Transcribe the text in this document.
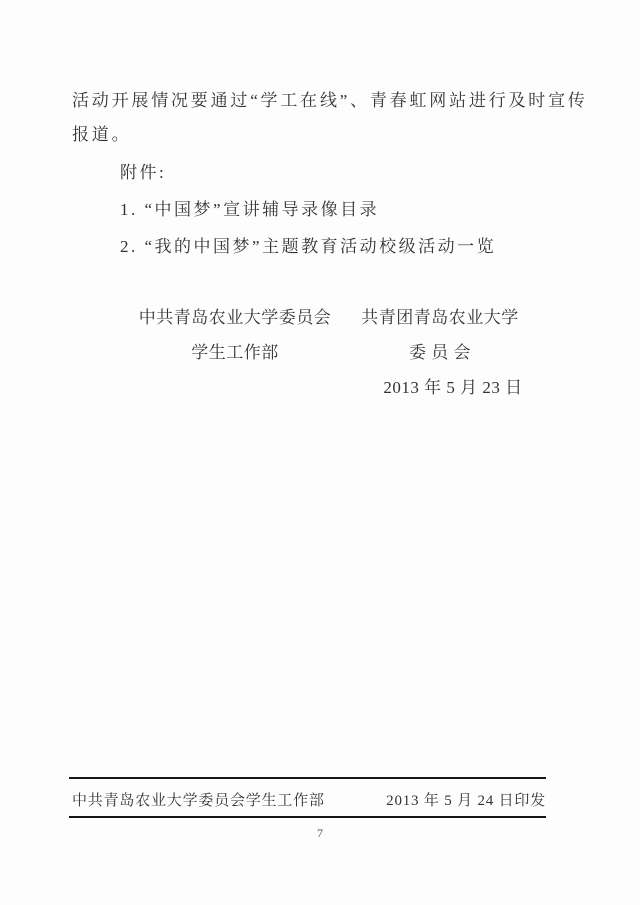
活动开展情况要通过“学工在线”、青春虹网站进行及时宣传
报道。
附件:
1. “中国梦”宣讲辅导录像目录
2. “我的中国梦”主题教育活动校级活动一览
中共青岛农业大学委员会
学生工作部
共青团青岛农业大学
委 员 会
2013 年 5 月 23 日
中共青岛农业大学委员会学生工作部	2013 年 5 月 24 日印发
7
